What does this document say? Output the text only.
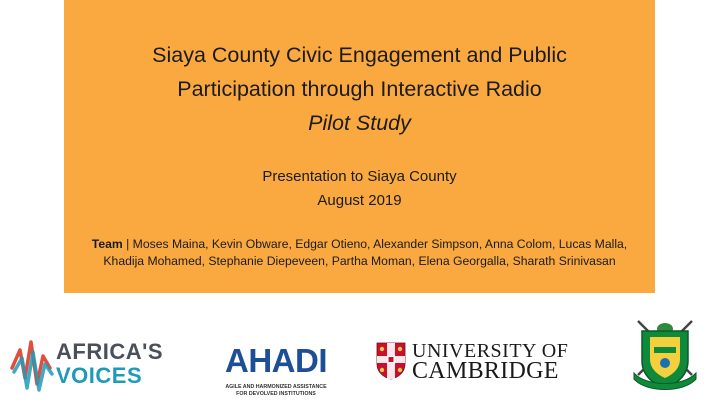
Siaya County Civic Engagement and Public
Participation through Interactive Radio
Pilot Study
Presentation to Siaya County
August 2019
Team | Moses Maina, Kevin Obware, Edgar Otieno, Alexander Simpson, Anna Colom, Lucas Malla, Khadija Mohamed, Stephanie Diepeveen, Partha Moman, Elena Georgalla, Sharath Srinivasan
AFRICA'S
VOICES	AHADI
AGILE AND HARMONIZED ASSISTANCE
FOR DEVOLVED INSTITUTIONS
UNIVERSITY OF
CAMBRIDGE
